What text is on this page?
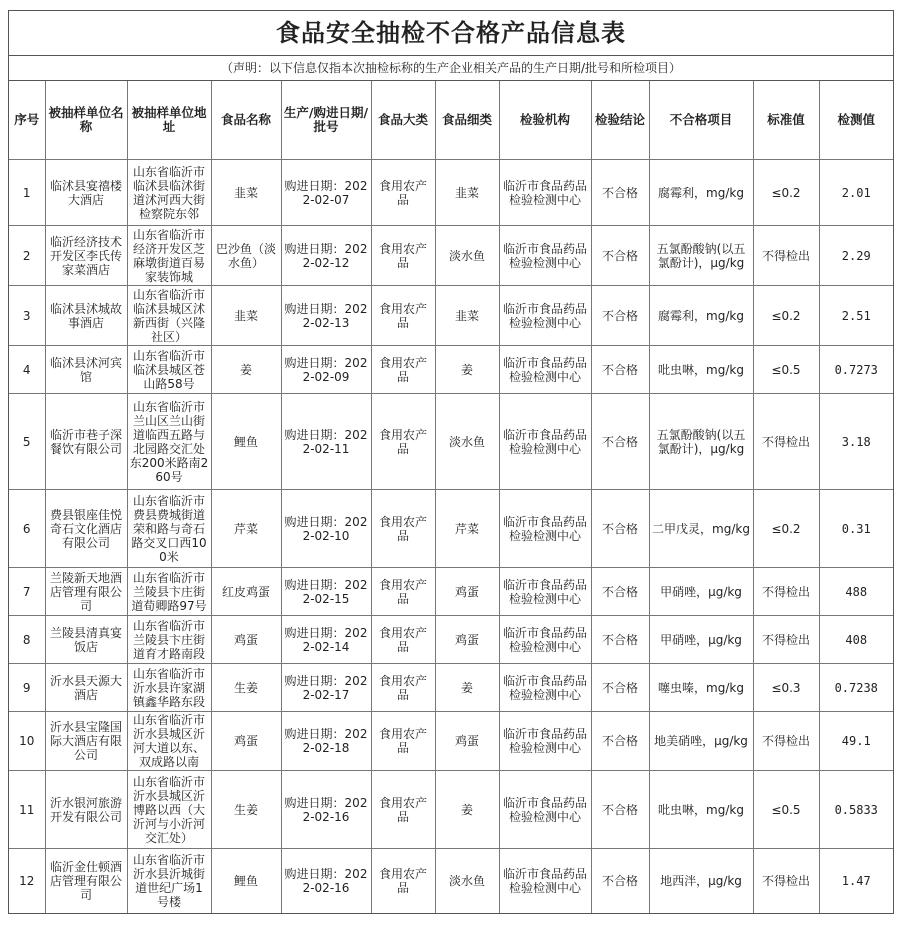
食品安全抽检不合格产品信息表
（声明：以下信息仅指本次抽检标称的生产企业相关产品的生产日期/批号和所检项目）
序号	被抽样单位名称	被抽样单位地址	食品名称	生产/购进日期/批号	食品大类	食品细类	检验机构	检验结论	不合格项目	标准值	检测值
1	临沭县宴禧楼大酒店	山东省临沂市临沭县临沭街道沭河西大街检察院东邻	韭菜	购进日期：2022-02-07	食用农产品	韭菜	临沂市食品药品检验检测中心	不合格	腐霉利，mg/kg	≤0.2	2.01
2	临沂经济技术开发区李氏传家菜酒店	山东省临沂市经济开发区芝麻墩街道百易家装饰城	巴沙鱼（淡水鱼）	购进日期：2022-02-12	食用农产品	淡水鱼	临沂市食品药品检验检测中心	不合格	五氯酚酸钠(以五氯酚计)，μg/kg	不得检出	2.29
3	临沭县沭城故事酒店	山东省临沂市临沭县城区沭新西街（兴隆社区）	韭菜	购进日期：2022-02-13	食用农产品	韭菜	临沂市食品药品检验检测中心	不合格	腐霉利，mg/kg	≤0.2	2.51
4	临沭县沭河宾馆	山东省临沂市临沭县城区苍山路58号	姜	购进日期：2022-02-09	食用农产品	姜	临沂市食品药品检验检测中心	不合格	吡虫啉，mg/kg	≤0.5	0.7273
5	临沂市巷子深餐饮有限公司	山东省临沂市兰山区兰山街道临西五路与北园路交汇处东200米路南260号	鲤鱼	购进日期：2022-02-11	食用农产品	淡水鱼	临沂市食品药品检验检测中心	不合格	五氯酚酸钠(以五氯酚计)，μg/kg	不得检出	3.18
6	费县银座佳悦奇石文化酒店有限公司	山东省临沂市费县费城街道荣和路与奇石路交叉口西100米	芹菜	购进日期：2022-02-10	食用农产品	芹菜	临沂市食品药品检验检测中心	不合格	二甲戊灵，mg/kg	≤0.2	0.31
7	兰陵新天地酒店管理有限公司	山东省临沂市兰陵县卞庄街道荀卿路97号	红皮鸡蛋	购进日期：2022-02-15	食用农产品	鸡蛋	临沂市食品药品检验检测中心	不合格	甲硝唑，μg/kg	不得检出	488
8	兰陵县清真宴饭店	山东省临沂市兰陵县卞庄街道育才路南段	鸡蛋	购进日期：2022-02-14	食用农产品	鸡蛋	临沂市食品药品检验检测中心	不合格	甲硝唑，μg/kg	不得检出	408
9	沂水县天源大酒店	山东省临沂市沂水县许家湖镇鑫华路东段	生姜	购进日期：2022-02-17	食用农产品	姜	临沂市食品药品检验检测中心	不合格	噻虫嗪，mg/kg	≤0.3	0.7238
10	沂水县宝隆国际大酒店有限公司	山东省临沂市沂水县城区沂河大道以东、双成路以南	鸡蛋	购进日期：2022-02-18	食用农产品	鸡蛋	临沂市食品药品检验检测中心	不合格	地美硝唑，μg/kg	不得检出	49.1
11	沂水银河旅游开发有限公司	山东省临沂市沂水县城区沂博路以西（大沂河与小沂河交汇处）	生姜	购进日期：2022-02-16	食用农产品	姜	临沂市食品药品检验检测中心	不合格	吡虫啉，mg/kg	≤0.5	0.5833
12	临沂金仕顿酒店管理有限公司	山东省临沂市沂水县沂城街道世纪广场1号楼	鲤鱼	购进日期：2022-02-16	食用农产品	淡水鱼	临沂市食品药品检验检测中心	不合格	地西泮，μg/kg	不得检出	1.47
